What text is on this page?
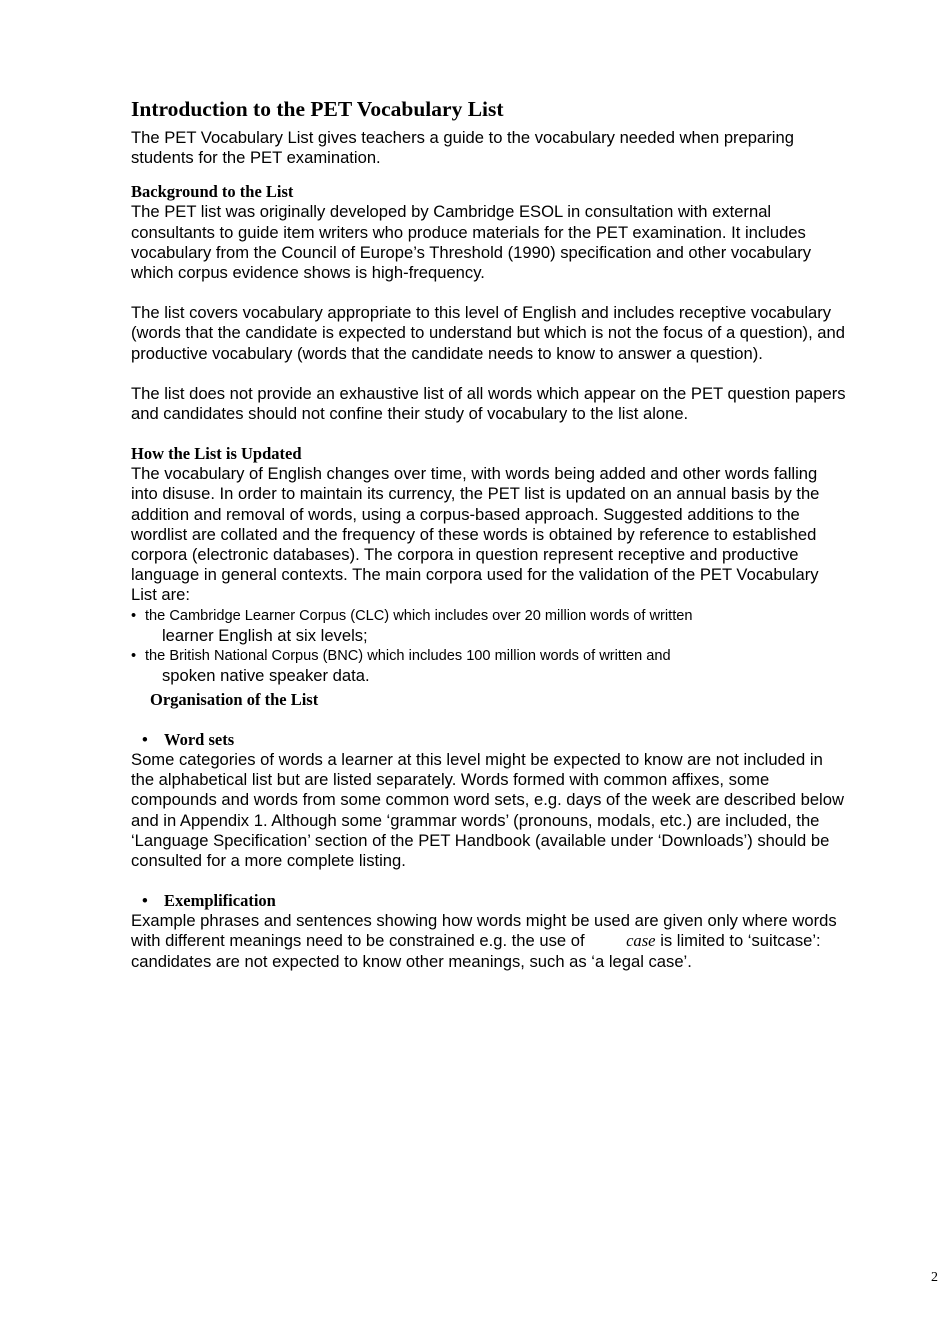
Introduction to the PET Vocabulary List

The PET Vocabulary List gives teachers a guide to the vocabulary needed when preparing students for the PET examination.

Background to the List

The PET list was originally developed by Cambridge ESOL in consultation with external consultants to guide item writers who produce materials for the PET examination. It includes vocabulary from the Council of Europe’s Threshold (1990) specification and other vocabulary which corpus evidence shows is high-frequency.

The list covers vocabulary appropriate to this level of English and includes receptive vocabulary (words that the candidate is expected to understand but which is not the focus of a question), and productive vocabulary (words that the candidate needs to know to answer a question).

The list does not provide an exhaustive list of all words which appear on the PET question papers and candidates should not confine their study of vocabulary to the list alone.

How the List is Updated

The vocabulary of English changes over time, with words being added and other words falling into disuse. In order to maintain its currency, the PET list is updated on an annual basis by the addition and removal of words, using a corpus-based approach. Suggested additions to the wordlist are collated and the frequency of these words is obtained by reference to established corpora (electronic databases). The corpora in question represent receptive and productive language in general contexts. The main corpora used for the validation of the PET Vocabulary List are:

• the Cambridge Learner Corpus (CLC) which includes over 20 million words of written

learner English at six levels;

• the British National Corpus (BNC) which includes 100 million words of written and

spoken native speaker data.

Organisation of the List

• Word sets

Some categories of words a learner at this level might be expected to know are not included in the alphabetical list but are listed separately. Words formed with common affixes, some compounds and words from some common word sets, e.g. days of the week are described below and in Appendix 1. Although some ‘grammar words’ (pronouns, modals, etc.) are included, the ‘Language Specification’ section of the PET Handbook (available under ‘Downloads’) should be consulted for a more complete listing.

• Exemplification

Example phrases and sentences showing how words might be used are given only where words with different meanings need to be constrained e.g. the use of	case is limited to ‘suitcase’: candidates are not expected to know other meanings, such as ‘a legal case’.

2
